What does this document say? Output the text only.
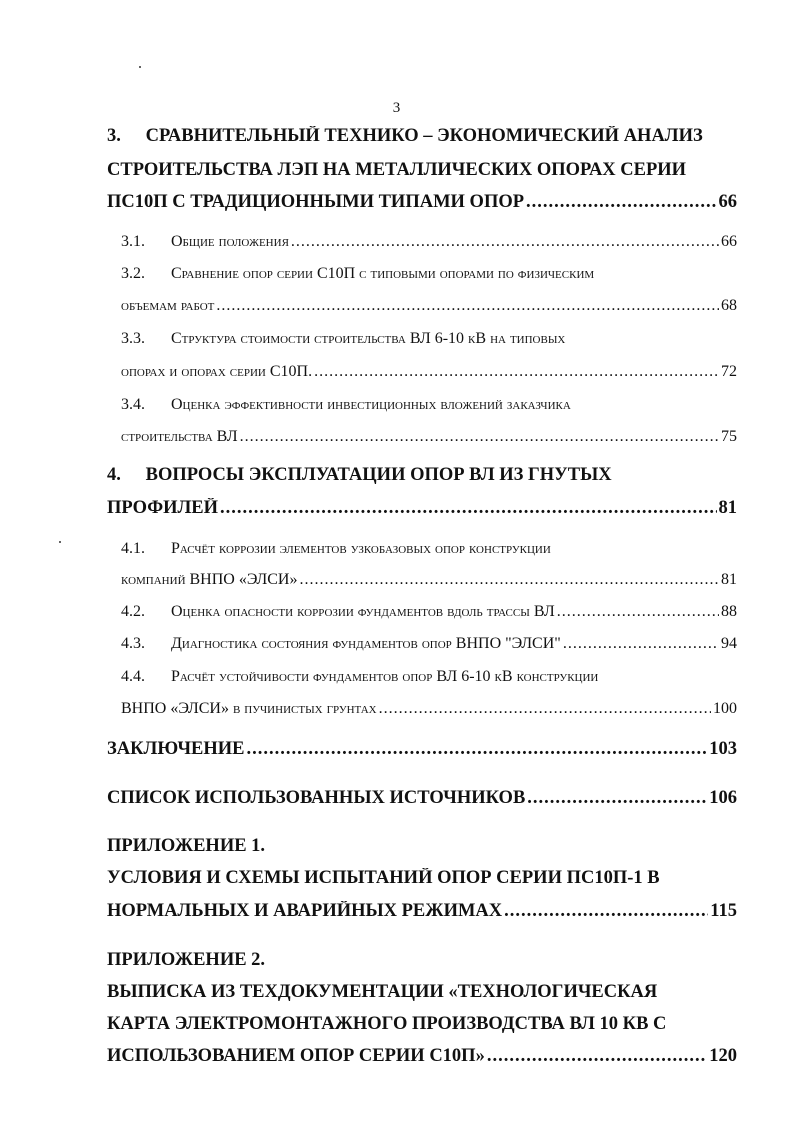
3
3. СРАВНИТЕЛЬНЫЙ ТЕХНИКО – ЭКОНОМИЧЕСКИЙ АНАЛИЗ
СТРОИТЕЛЬСТВА ЛЭП НА МЕТАЛЛИЧЕСКИХ ОПОРАХ СЕРИИ
ПС10П С ТРАДИЦИОННЫМИ ТИПАМИ ОПОР .....	66
3.1. Общие положения .....	66
3.2. Сравнение опор серии С10П с типовыми опорами по физическим
объемам работ .....	68
3.3. Структура стоимости строительства ВЛ 6-10 кВ на типовых
опорах и опорах серии С10П. .....	72
3.4. Оценка эффективности инвестиционных вложений заказчика
строительства ВЛ .....	75
4. ВОПРОСЫ ЭКСПЛУАТАЦИИ ОПОР ВЛ ИЗ ГНУТЫХ
ПРОФИЛЕЙ .....	81
4.1. Расчёт коррозии элементов узкобазовых опор конструкции
компаний ВНПО «ЭЛСИ» .....	81
4.2. Оценка опасности коррозии фундаментов вдоль трассы ВЛ .....	88
4.3. Диагностика состояния фундаментов опор ВНПО "ЭЛСИ" .....	94
4.4. Расчёт устойчивости фундаментов опор ВЛ 6-10 кВ конструкции
ВНПО «ЭЛСИ» в пучинистых грунтах .....	100
ЗАКЛЮЧЕНИЕ .....	103
СПИСОК ИСПОЛЬЗОВАННЫХ ИСТОЧНИКОВ .....	106
ПРИЛОЖЕНИЕ 1.
УСЛОВИЯ И СХЕМЫ ИСПЫТАНИЙ ОПОР СЕРИИ ПС10П-1 В
НОРМАЛЬНЫХ И АВАРИЙНЫХ РЕЖИМАХ .....	115
ПРИЛОЖЕНИЕ 2.
ВЫПИСКА ИЗ ТЕХДОКУМЕНТАЦИИ «ТЕХНОЛОГИЧЕСКАЯ
КАРТА ЭЛЕКТРОМОНТАЖНОГО ПРОИЗВОДСТВА ВЛ 10 КВ С
ИСПОЛЬЗОВАНИЕМ ОПОР СЕРИИ С10П» .....	120
